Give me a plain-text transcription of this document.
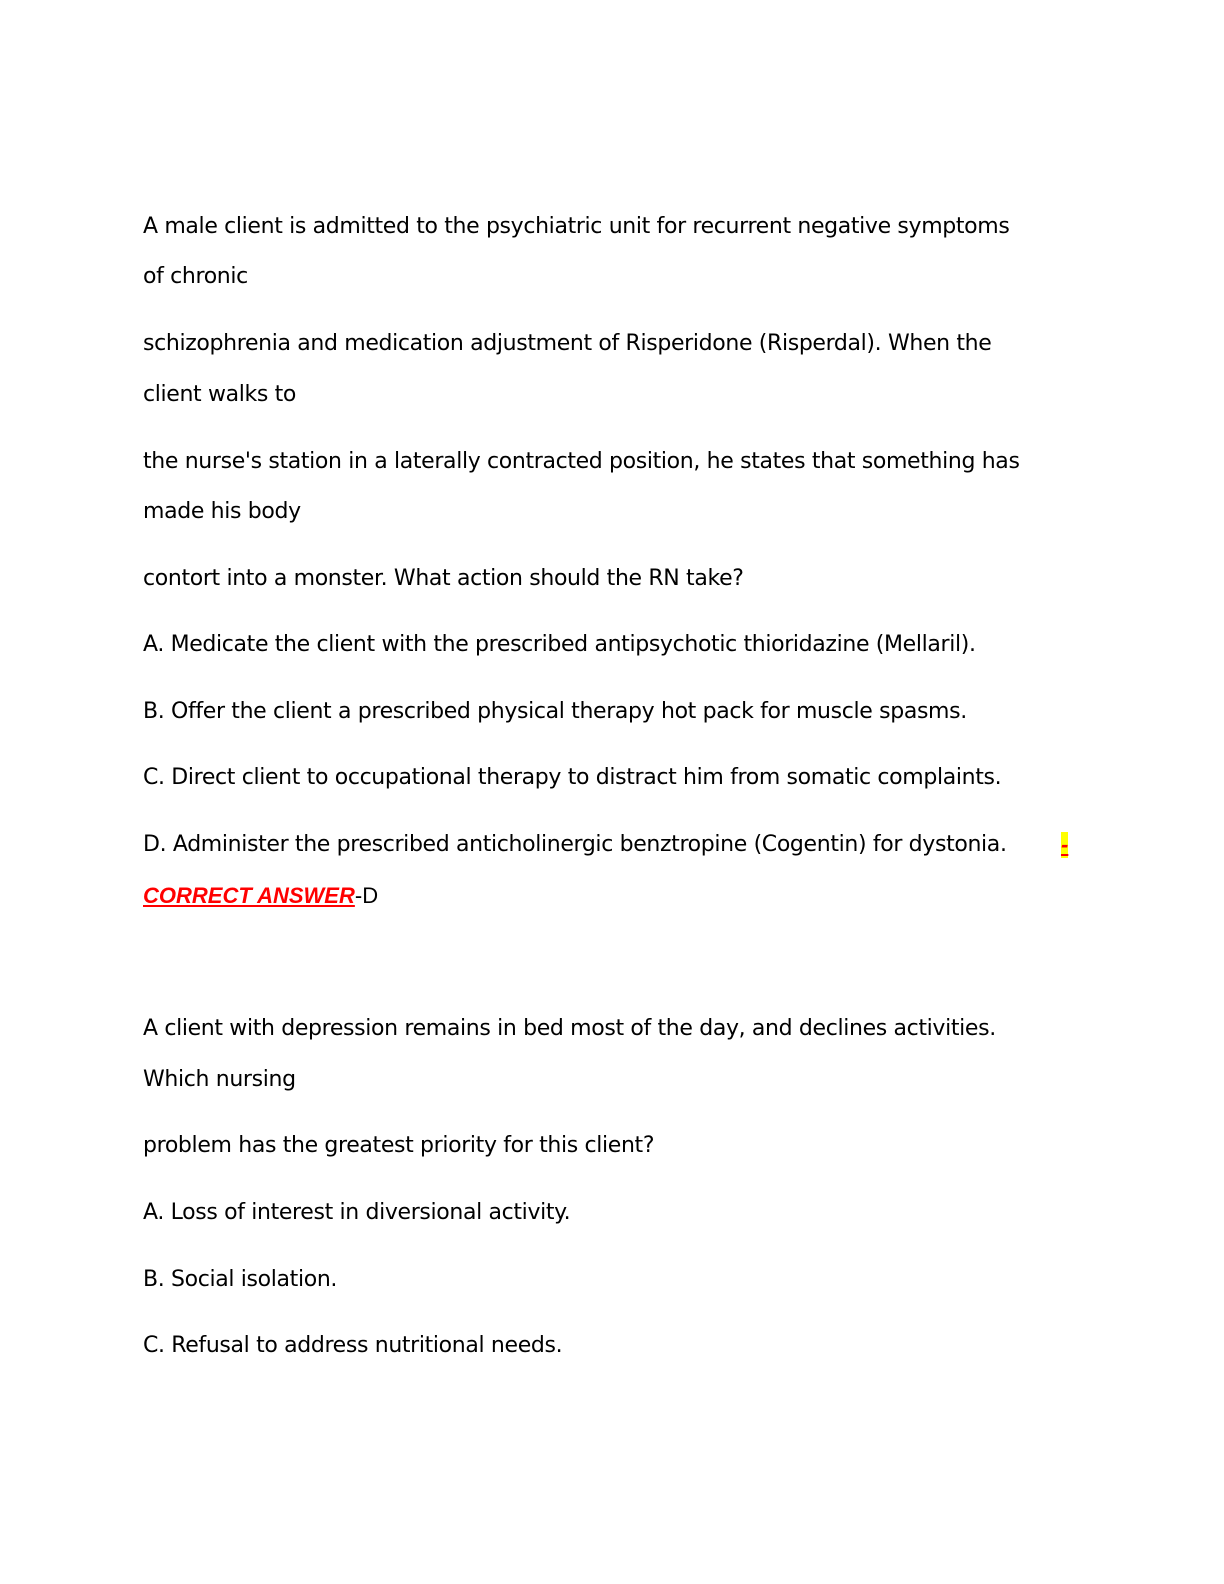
A male client is admitted to the psychiatric unit for recurrent negative symptoms
of chronic
schizophrenia and medication adjustment of Risperidone (Risperdal). When the
client walks to
the nurse's station in a laterally contracted position, he states that something has
made his body
contort into a monster. What action should the RN take?
A. Medicate the client with the prescribed antipsychotic thioridazine (Mellaril).
B. Offer the client a prescribed physical therapy hot pack for muscle spasms.
C. Direct client to occupational therapy to distract him from somatic complaints.
D. Administer the prescribed anticholinergic benztropine (Cogentin) for dystonia. -
CORRECT ANSWER-D
A client with depression remains in bed most of the day, and declines activities.
Which nursing
problem has the greatest priority for this client?
A. Loss of interest in diversional activity.
B. Social isolation.
C. Refusal to address nutritional needs.
